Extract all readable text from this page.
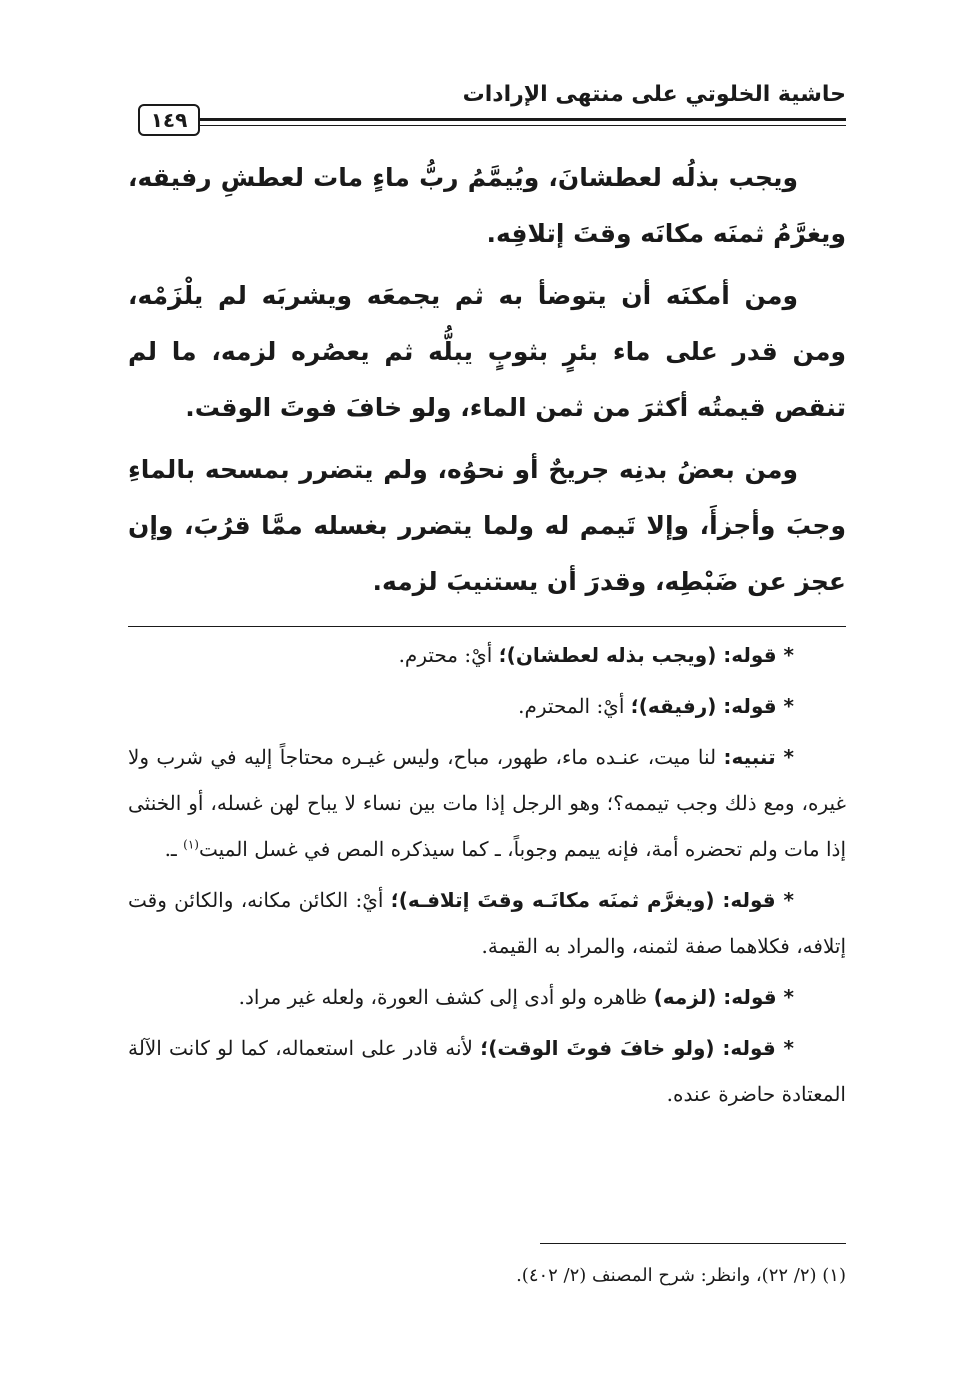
حاشية الخلوتي على منتهى الإرادات
١٤٩

ويجب بذلُه لعطشانَ، ويُيمَّمُ ربُّ ماءٍ مات لعطشِ رفيقه، ويغرَّمُ ثمنَه مكانَه وقتَ إتلافِه.

ومن أمكنَه أن يتوضأ به ثم يجمعَه ويشربَه لم يلْزَمْه، ومن قدر على ماء بئرٍ بثوبٍ يبلُّه ثم يعصُره لزمه، ما لم تنقص قيمتُه أكثرَ من ثمن الماء، ولو خافَ فوتَ الوقت.

ومن بعضُ بدنِه جريحٌ أو نحوُه، ولم يتضرر بمسحه بالماءِ وجبَ وأجزأَ، وإلا تَيمم له ولما يتضرر بغسله ممَّا قرُبَ، وإن عجز عن ضَبْطِه، وقدرَ أن يستنيبَ لزمه.

* قوله: (ويجب بذله لعطشان)؛ أيْ: محترم.

* قوله: (رفيقه)؛ أيْ: المحترم.

* تنبيه: لنا ميت، عنـده ماء، طهور، مباح، وليس غيـره محتاجاً إليه في شرب ولا غيره، ومع ذلك وجب تيممه؟؛ وهو الرجل إذا مات بين نساء لا يباح لهن غسله، أو الخنثى إذا مات ولم تحضره أمة، فإنه ييمم وجوباً، ـ كما سيذكره المص في غسل الميت$^{(١)}$ ـ.

* قوله: (ويغرَّم ثمنَه مكانَـه وقتَ إتلافـه)؛ أيْ: الكائن مكانه، والكائن وقت إتلافه، فكلاهما صفة لثمنه، والمراد به القيمة.

* قوله: (لزمه) ظاهره ولو أدى إلى كشف العورة، ولعله غير مراد.

* قوله: (ولو خافَ فوتَ الوقت)؛ لأنه قادر على استعماله، كما لو كانت الآلة المعتادة حاضرة عنده.

(١) (٢/ ٢٢)، وانظر: شرح المصنف (٢/ ٤٠٢).
